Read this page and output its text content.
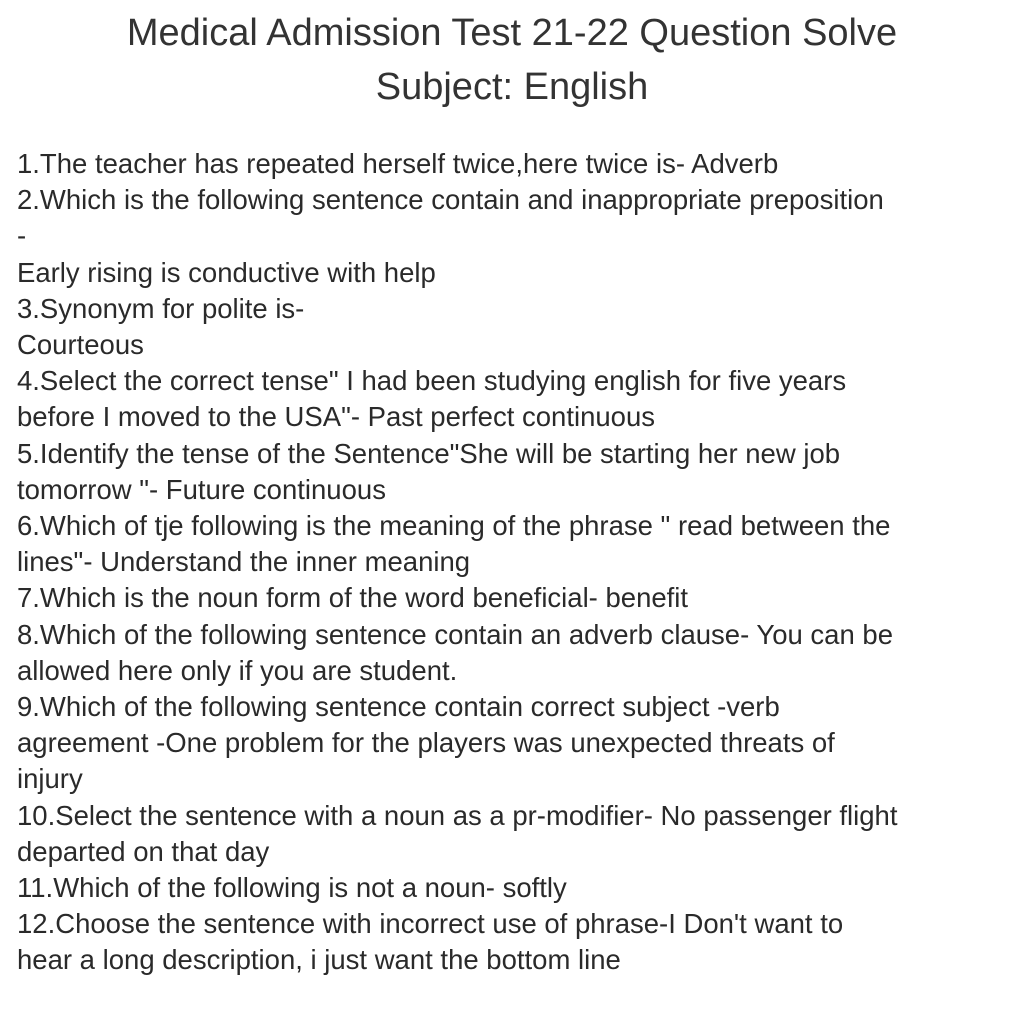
Medical Admission Test 21-22 Question Solve
Subject: English
1.The teacher has repeated herself twice,here twice is- Adverb
2.Which is the following sentence contain and inappropriate preposition
-
Early rising is conductive with help
3.Synonym for polite is-
Courteous
4.Select the correct tense" I had been studying english for five years
before I moved to the USA"- Past perfect continuous
5.Identify the tense of the Sentence"She will be starting her new job
tomorrow "- Future continuous
6.Which of tje following is the meaning of the phrase " read between the
lines"- Understand the inner meaning
7.Which is the noun form of the word beneficial- benefit
8.Which of the following sentence contain an adverb clause- You can be
allowed here only if you are student.
9.Which of the following sentence contain correct subject -verb
agreement -One problem for the players was unexpected threats of
injury
10.Select the sentence with a noun as a pr-modifier- No passenger flight
departed on that day
11.Which of the following is not a noun- softly
12.Choose the sentence with incorrect use of phrase-I Don't want to
hear a long description, i just want the bottom line
